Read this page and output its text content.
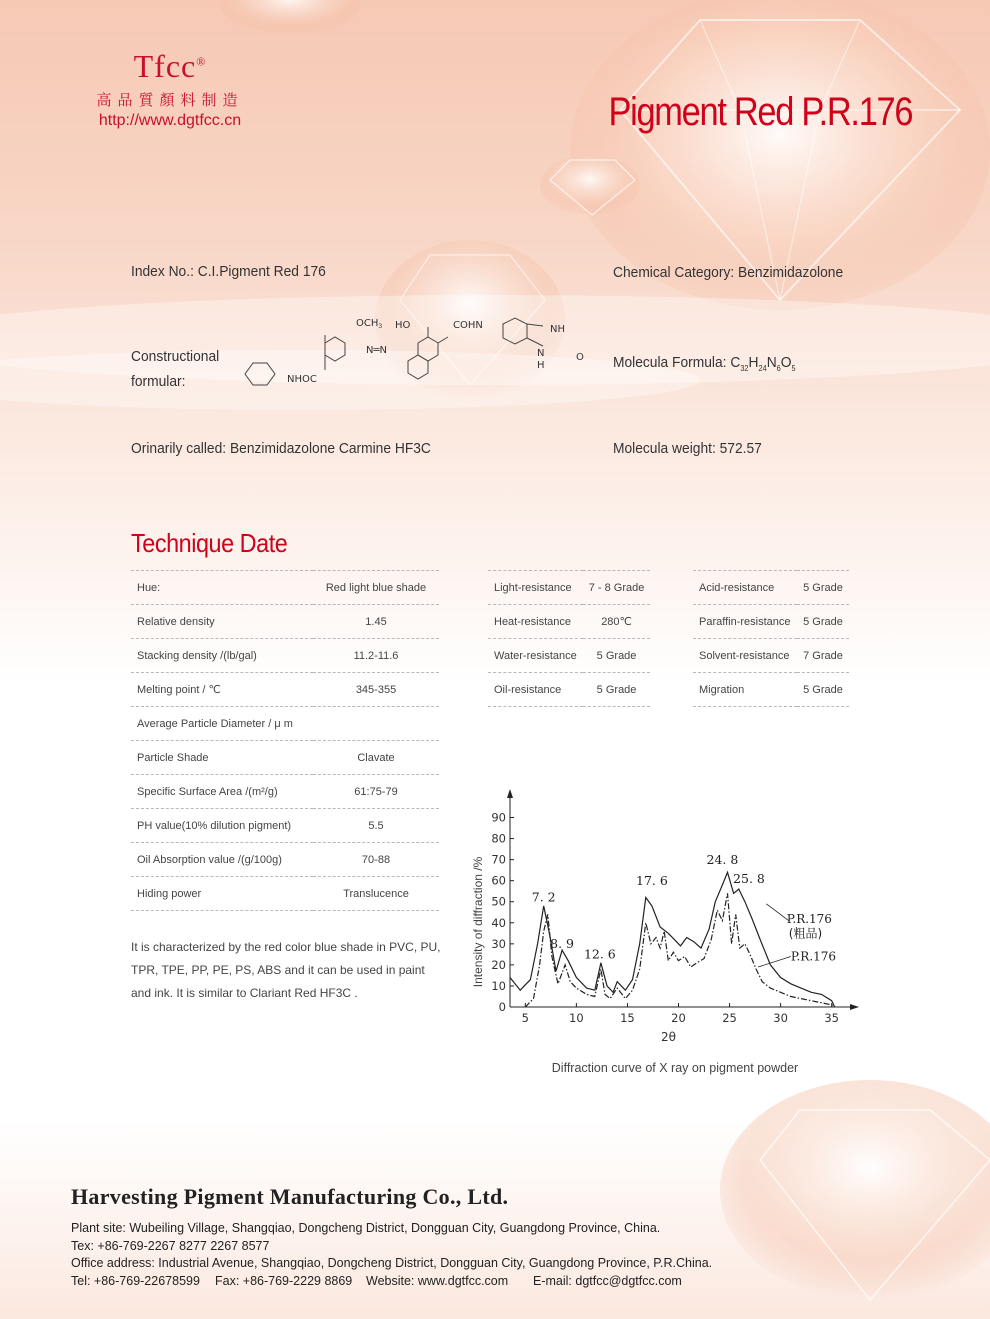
Tfcc®
高品質顏料制造
http://www.dgtfcc.cn	Pigment Red P.R.176
Index No.: C.I.Pigment Red 176	Chemical Category: Benzimidazolone
Constructional
formular:
Molecula Formula: $C_{32}H_{24}N_6O_5$
Orinarily called: Benzimidazolone Carmine HF3C	Molecula weight: 572.57
$OCH_3$ HO	COHN
N═N
NHOC
NH
N
H
O
Technique Date
Hue:	Red light blue shade
Relative density	1.45
Stacking density /(lb/gal)	11.2-11.6
Melting point / ℃	345-355
Average Particle Diameter / μ m	
Particle Shade	Clavate
Specific Surface Area /(m²/g)	61:75-79
PH value(10% dilution pigment)	5.5
Oil Absorption value /(g/100g)	70-88
Hiding power	Translucence
Light-resistance	7 - 8 Grade
Heat-resistance	280℃
Water-resistance	5 Grade
Oil-resistance	5 Grade
Acid-resistance	5 Grade
Paraffin-resistance	5 Grade
Solvent-resistance	7 Grade
Migration	5 Grade
It is characterized by the red color blue shade in PVC, PU, TPR, TPE, PP, PE, PS, ABS and it can be used in paint and ink. It is similar to Clariant Red HF3C .
5	10	15	20	25	30	35
0
10
20
30
40
50
60
70
80
90
2θ
Intensity of diffraction /%	7. 2
8. 9
12. 6
17. 6
24. 8
25. 8
P.R.176
(粗品)
P.R.176
Diffraction curve of X ray on pigment powder
Harvesting Pigment Manufacturing Co., Ltd.
Plant site: Wubeiling Village, Shangqiao, Dongcheng District, Dongguan City, Guangdong Province, China.
Tex: +86-769-2267 8277 2267 8577
Office address: Industrial Avenue, Shangqiao, Dongcheng District, Dongguan City, Guangdong Province, P.R.China.
Tel: +86-769-22678599 Fax: +86-769-2229 8869 Website: www.dgtfcc.com E-mail: dgtfcc@dgtfcc.com
